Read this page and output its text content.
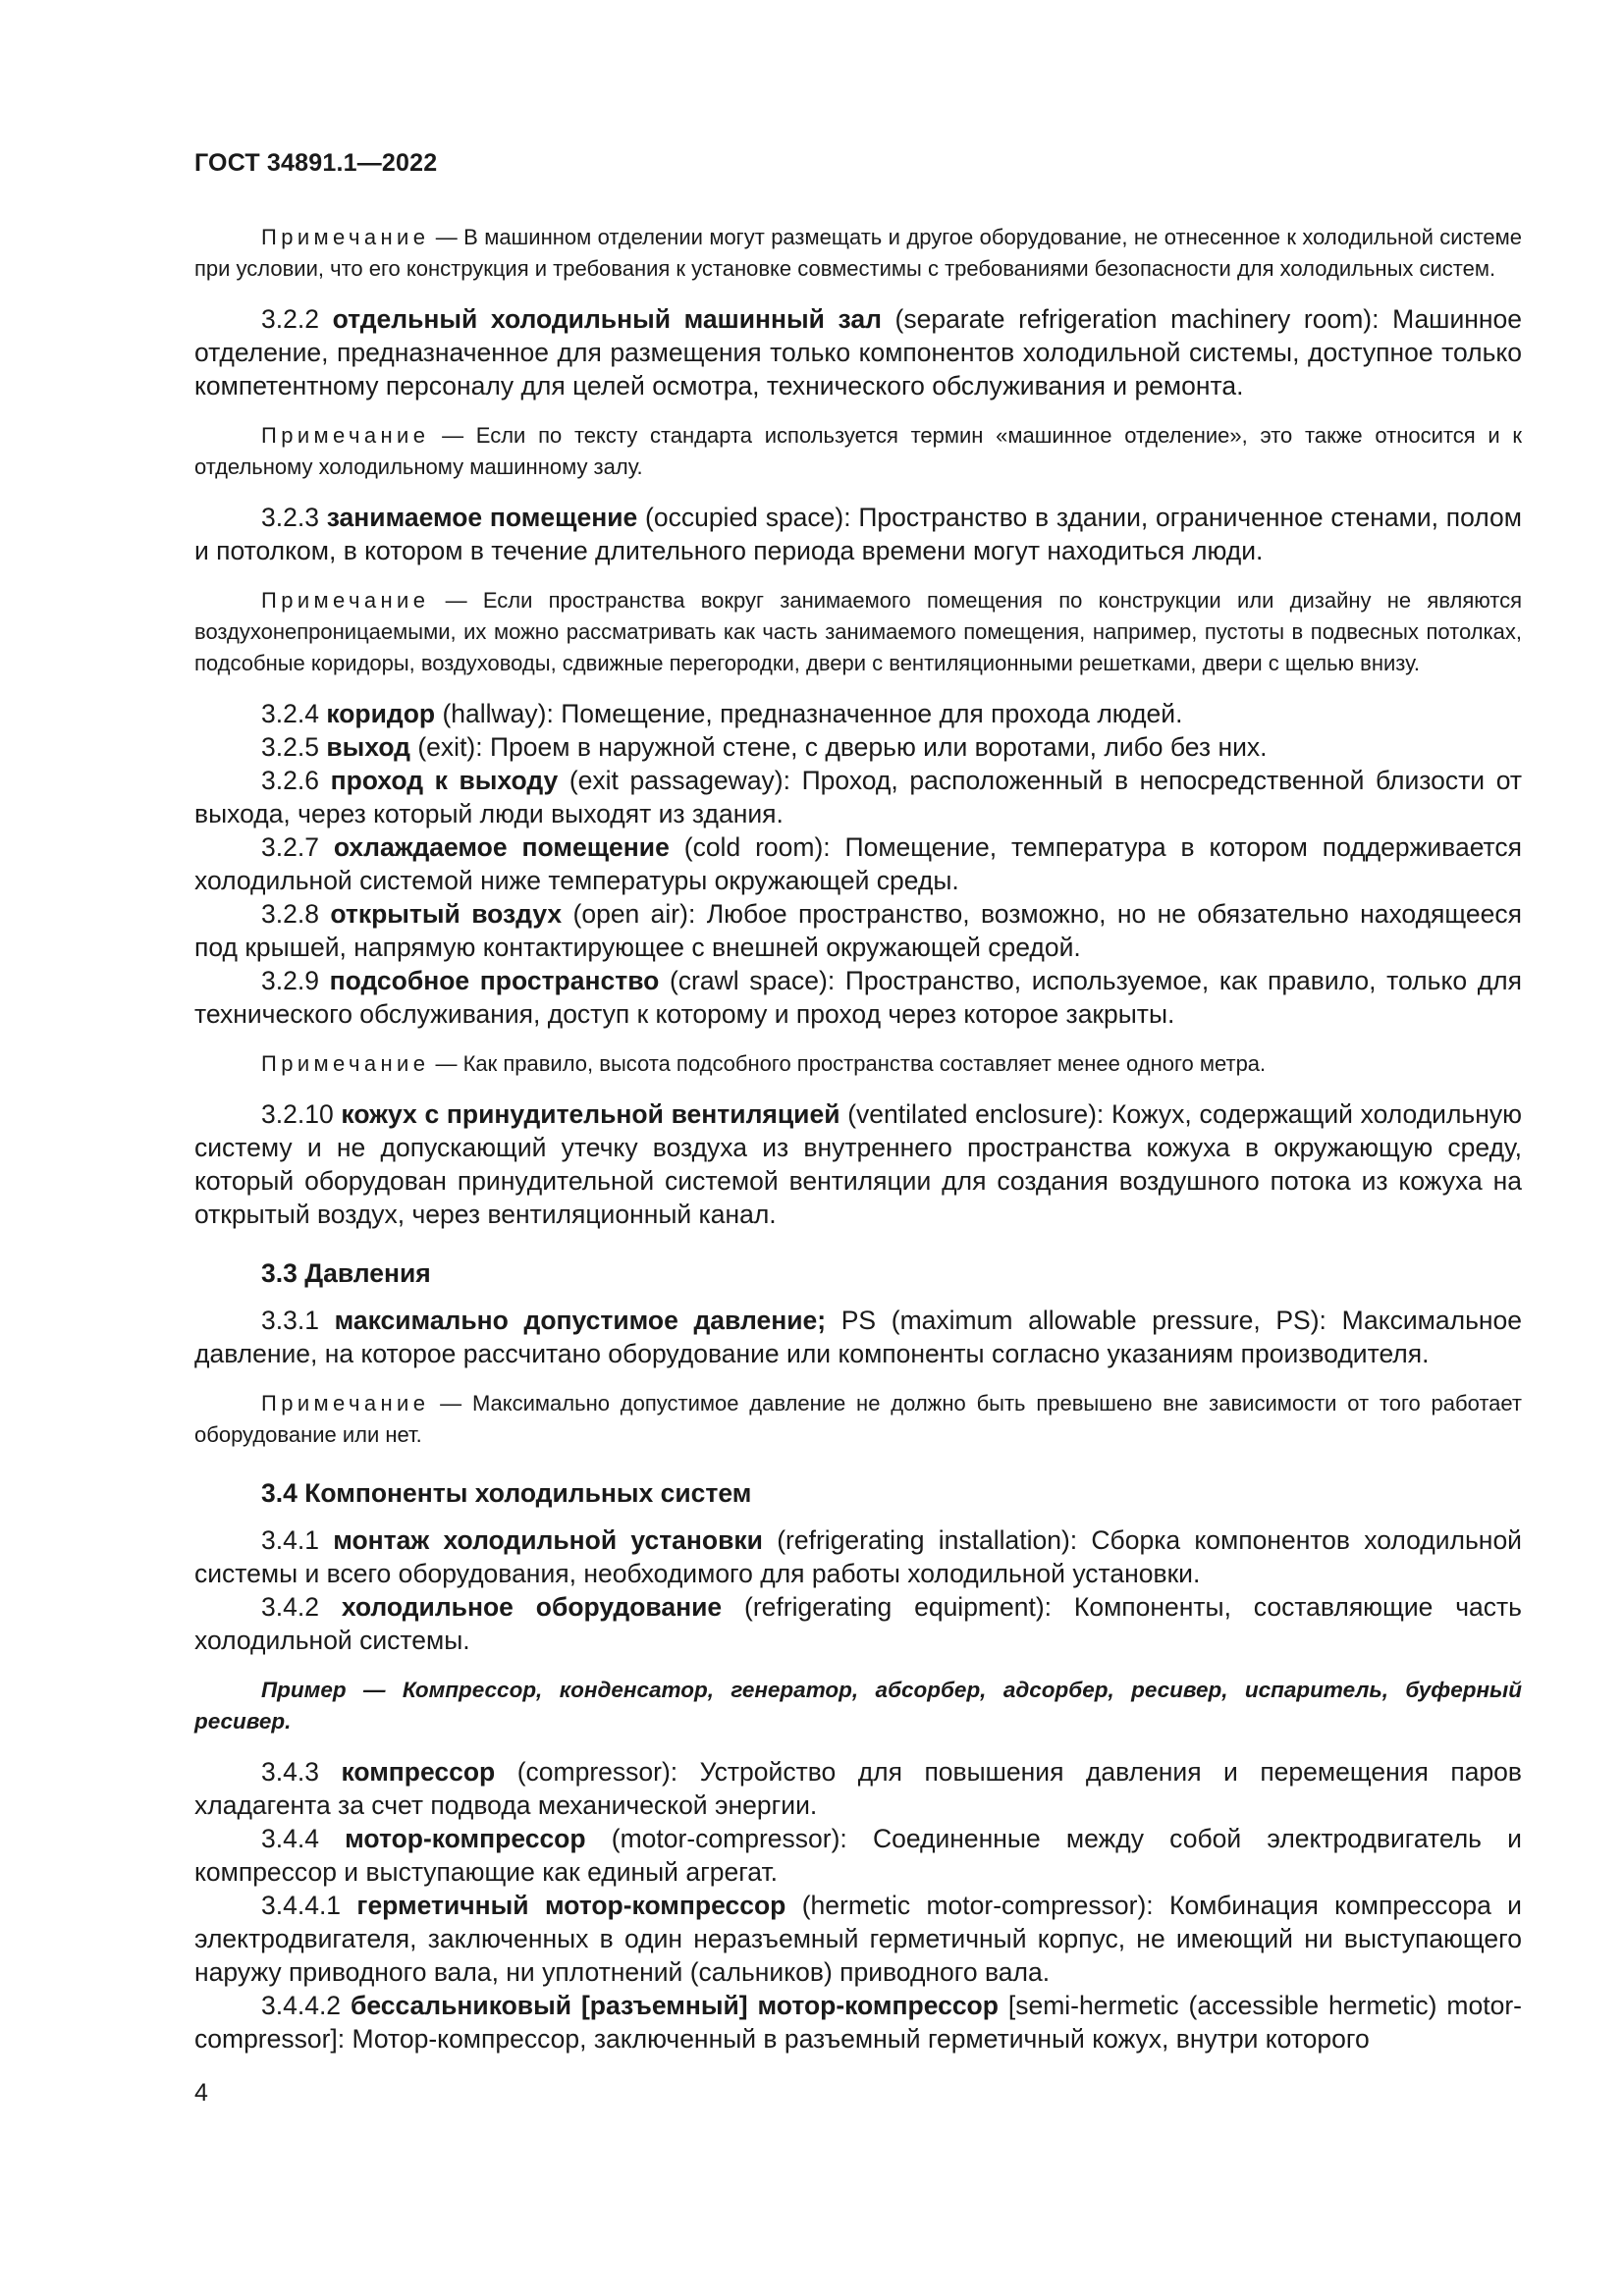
ГОСТ 34891.1—2022

Примечание — В машинном отделении могут размещать и другое оборудование, не отнесенное к холодильной системе при условии, что его конструкция и требования к установке совместимы с требованиями безопасности для холодильных систем.

3.2.2 отдельный холодильный машинный зал (separate refrigeration machinery room): Машинное отделение, предназначенное для размещения только компонентов холодильной системы, доступное только компетентному персоналу для целей осмотра, технического обслуживания и ремонта.

Примечание — Если по тексту стандарта используется термин «машинное отделение», это также относится и к отдельному холодильному машинному залу.

3.2.3 занимаемое помещение (occupied space): Пространство в здании, ограниченное стенами, полом и потолком, в котором в течение длительного периода времени могут находиться люди.

Примечание — Если пространства вокруг занимаемого помещения по конструкции или дизайну не являются воздухонепроницаемыми, их можно рассматривать как часть занимаемого помещения, например, пустоты в подвесных потолках, подсобные коридоры, воздуховоды, сдвижные перегородки, двери с вентиляционными решетками, двери с щелью внизу.

3.2.4 коридор (hallway): Помещение, предназначенное для прохода людей.

3.2.5 выход (exit): Проем в наружной стене, с дверью или воротами, либо без них.

3.2.6 проход к выходу (exit passageway): Проход, расположенный в непосредственной близости от выхода, через который люди выходят из здания.

3.2.7 охлаждаемое помещение (cold room): Помещение, температура в котором поддерживается холодильной системой ниже температуры окружающей среды.

3.2.8 открытый воздух (open air): Любое пространство, возможно, но не обязательно находящееся под крышей, напрямую контактирующее с внешней окружающей средой.

3.2.9 подсобное пространство (crawl space): Пространство, используемое, как правило, только для технического обслуживания, доступ к которому и проход через которое закрыты.

Примечание — Как правило, высота подсобного пространства составляет менее одного метра.

3.2.10 кожух с принудительной вентиляцией (ventilated enclosure): Кожух, содержащий холодильную систему и не допускающий утечку воздуха из внутреннего пространства кожуха в окружающую среду, который оборудован принудительной системой вентиляции для создания воздушного потока из кожуха на открытый воздух, через вентиляционный канал.

3.3 Давления

3.3.1 максимально допустимое давление; PS (maximum allowable pressure, PS): Максимальное давление, на которое рассчитано оборудование или компоненты согласно указаниям производителя.

Примечание — Максимально допустимое давление не должно быть превышено вне зависимости от того работает оборудование или нет.

3.4 Компоненты холодильных систем

3.4.1 монтаж холодильной установки (refrigerating installation): Сборка компонентов холодильной системы и всего оборудования, необходимого для работы холодильной установки.

3.4.2 холодильное оборудование (refrigerating equipment): Компоненты, составляющие часть холодильной системы.

Пример — Компрессор, конденсатор, генератор, абсорбер, адсорбер, ресивер, испаритель, буферный ресивер.

3.4.3 компрессор (compressor): Устройство для повышения давления и перемещения паров хладагента за счет подвода механической энергии.

3.4.4 мотор-компрессор (motor-compressor): Соединенные между собой электродвигатель и компрессор и выступающие как единый агрегат.

3.4.4.1 герметичный мотор-компрессор (hermetic motor-compressor): Комбинация компрессора и электродвигателя, заключенных в один неразъемный герметичный корпус, не имеющий ни выступающего наружу приводного вала, ни уплотнений (сальников) приводного вала.

3.4.4.2 бессальниковый [разъемный] мотор-компрессор [semi-hermetic (accessible hermetic) motor-compressor]: Мотор-компрессор, заключенный в разъемный герметичный кожух, внутри которого

4
